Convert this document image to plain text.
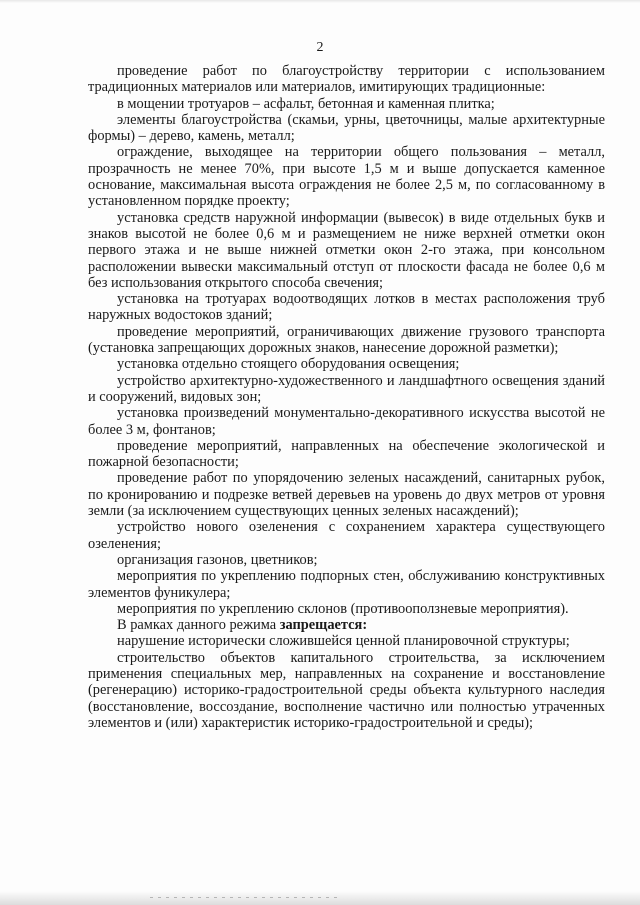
2

проведение работ по благоустройству территории с использованием традиционных материалов или материалов, имитирующих традиционные:

в мощении тротуаров – асфальт, бетонная и каменная плитка;

элементы благоустройства (скамьи, урны, цветочницы, малые архитектурные формы) – дерево, камень, металл;

ограждение, выходящее на территории общего пользования – металл, прозрачность не менее 70%, при высоте 1,5 м и выше допускается каменное основание, максимальная высота ограждения не более 2,5 м, по согласованному в установленном порядке проекту;

установка средств наружной информации (вывесок) в виде отдельных букв и знаков высотой не более 0,6 м и размещением не ниже верхней отметки окон первого этажа и не выше нижней отметки окон 2-го этажа, при консольном расположении вывески максимальный отступ от плоскости фасада не более 0,6 м без использования открытого способа свечения;

установка на тротуарах водоотводящих лотков в местах расположения труб наружных водостоков зданий;

проведение мероприятий, ограничивающих движение грузового транспорта (установка запрещающих дорожных знаков, нанесение дорожной разметки);

установка отдельно стоящего оборудования освещения;

устройство архитектурно-художественного и ландшафтного освещения зданий и сооружений, видовых зон;

установка произведений монументально-декоративного искусства высотой не более 3 м, фонтанов;

проведение мероприятий, направленных на обеспечение экологической и пожарной безопасности;

проведение работ по упорядочению зеленых насаждений, санитарных рубок, по кронированию и подрезке ветвей деревьев на уровень до двух метров от уровня земли (за исключением существующих ценных зеленых насаждений);

устройство нового озеленения с сохранением характера существующего озеленения;

организация газонов, цветников;

мероприятия по укреплению подпорных стен, обслуживанию конструктивных элементов фуникулера;

мероприятия по укреплению склонов (противооползневые мероприятия).

В рамках данного режима запрещается:

нарушение исторически сложившейся ценной планировочной структуры;

строительство объектов капитального строительства, за исключением применения специальных мер, направленных на сохранение и восстановление (регенерацию) историко-градостроительной среды объекта культурного наследия (восстановление, воссоздание, восполнение частично или полностью утраченных элементов и (или) характеристик историко-градостроительной и среды);
